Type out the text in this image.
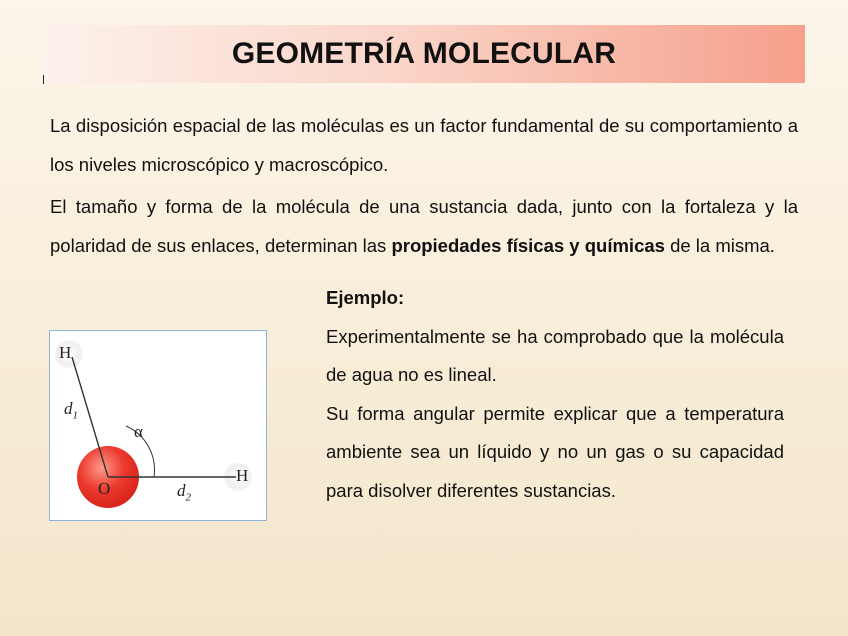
GEOMETRÍA MOLECULAR
La disposición espacial de las moléculas es un factor fundamental de su comportamiento a los niveles microscópico y macroscópico.
El tamaño y forma de la molécula de una sustancia dada, junto con la fortaleza y la polaridad de sus enlaces, determinan las propiedades físicas y químicas de la misma.
Ejemplo:
Experimentalmente se ha comprobado que la molécula de agua no es lineal.
Su forma angular permite explicar que a temperatura ambiente sea un líquido y no un gas o su capacidad para disolver diferentes sustancias.
H
H
O
$d_1$
$d_2$
α
